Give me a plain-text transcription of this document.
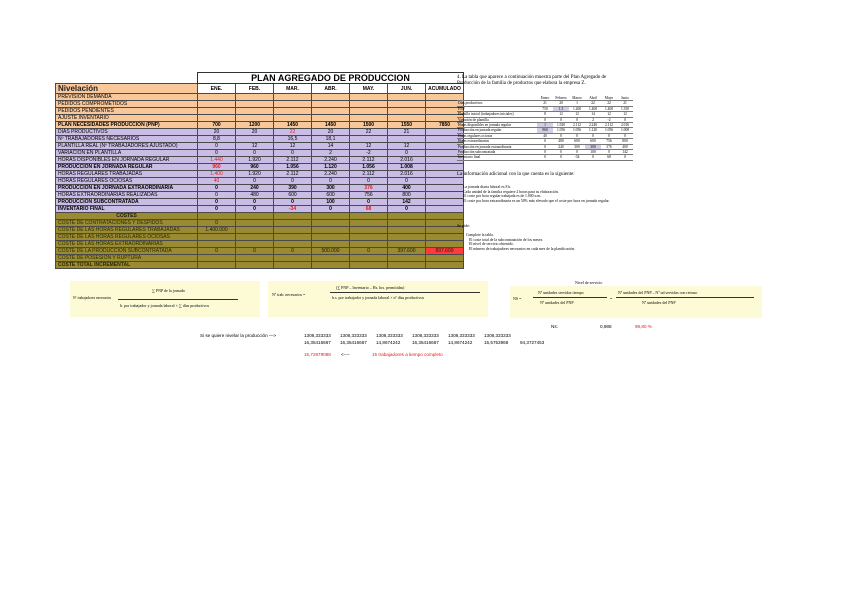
	PLAN AGREGADO DE PRODUCCION						
Nivelación	ENE.	FEB.	MAR.	ABR.	MAY.	JUN.	ACUMULADO
PREVISION DEMANDA							
PEDIDOS COMPROMETIDOS							
PEDIDOS PENDIENTES							
AJUSTE INVENTARIO							
PLAN NECESIDADES PRODUCCION (PNP)	700	1200	1450	1450	1500	1550	7850
DIAS PRODUCTIVOS	20	20	22	20	22	21	
Nº TRABAJADORES NECESARIOS	8,8		16,5	18,1			
PLANTILLA REAL (Nº TRABAJADORES AJUSTADO)	0	12	12	14	12	12	
VARIACION EN PLANTILLA	0	0	0	2	-2	0	
HORAS DISPONIBLES EN JORNADA REGULAR	1.440	1.920	2.112	2.240	2.112	2.016	
PRODUCCION EN JORNADA REGULAR	960	960	1.056	1.120	1.056	1.008	
HORAS REGULARES TRABAJADAS	1.400	1.920	2.112	2.240	2.112	2.016	
HORAS REGULARES OCIOSAS	40	0	0	0	0	0	
PRODUCCION EN JORNADA EXTRAORDINARIA	0	240	390	300	376	400	
HORAS EXTRAORDINARIAS REALIZADAS	0	480	600	600	756	800	
PRODUCCION SUBCONTRATADA	0	0	0	100	0	142	
INVENTARIO FINAL	0	0	-34	0	68	0	
COSTES							
COSTE DE CONTRATACIONES Y DESPIDOS	0						
COSTE DE LAS HORAS REGULARES TRABAJADAS	1.400.000						
COSTE DE LAS HORAS REGULARES OCIOSAS							
COSTE DE LAS HORAS EXTRAORDINARIAS							
COSTE DE LA PRODUCCION SUBCONTRATADA	0	0	0	500.000	0	397.600	897.600
COSTE DE POSESION Y RUPTURA							
COSTE TOTAL INCREMENTAL							
4. La tabla que aparece a continuación muestra parte del Plan Agregado de
Producción de la familia de productos que elabora la empresa Z.
	Enero	Febrero	Marzo	Abril	Mayo	Junio
Días productivos	21	20	1	22	22	21
PNP	750	1.3	1.200	1.400	1.400	1.350
Plantilla inicial (trabajadores iniciales)	8	12	12	14	12	12
Variación de plantilla	0	0	0	2	-2	0
Horas disponibles en jornada regular	1	1.920	2.112	2.240	2.112	2.016
Producción en jornada regular	960	1.056	1.056	1.120	1.056	1.008
Horas regulares ociosas	40	0	0	0	0	0
Horas extraordinarias	0	480	600	600	756	800
Producción en jornada extraordinaria	0	240	300	300	376	400
Producción subcontratada	0	0	0	100	0	142
Inventario final	0	0	-34	0	68	0
La información adicional con la que cuenta es la siguiente:
La jornada diaria laboral es 8 h.
Cada unidad de la familia requiere 2 horas para su elaboración.
El coste por hora regular trabajada es de 1.000 u.m.
El coste por hora extraordinaria es un 50% más elevado que el coste por hora en jornada regular.
Se pide:
Complete la tabla.
El coste total de la subcontratación de los meses.
El nivel de servicio obtenido.
El número de trabajadores necesarios en cada mes de la planificación.
Nº trabajadores necesarios
∑ PNP de la jornada
h. por trabajador y jornada laboral × ∑ días productivos
Nº trab. necesarios =
(∑ PNP – Inventario – Hs. hrs. permitidas)
h.s. por trabajador y jornada laboral × nº días productivos
Nivel de servicio
NS =
Nº unidades servidas tiempo
Nº unidades del PNP
=
Nº unidades del PNP – Nº ud servidas con retraso
Nº unidades del PNP
Ns:	0,988	98,80 %
Si se quiere nivelar la producción —>	1308,333333 1308,333333 1308,333333 1308,333333 1308,333333 1308,333333
16,35416667 16,35416667 14,8674242	16,35416667 14,8674242	15,5753968	94,3727453
15,72879088 <----	15 trabajadores a tiempo completo
